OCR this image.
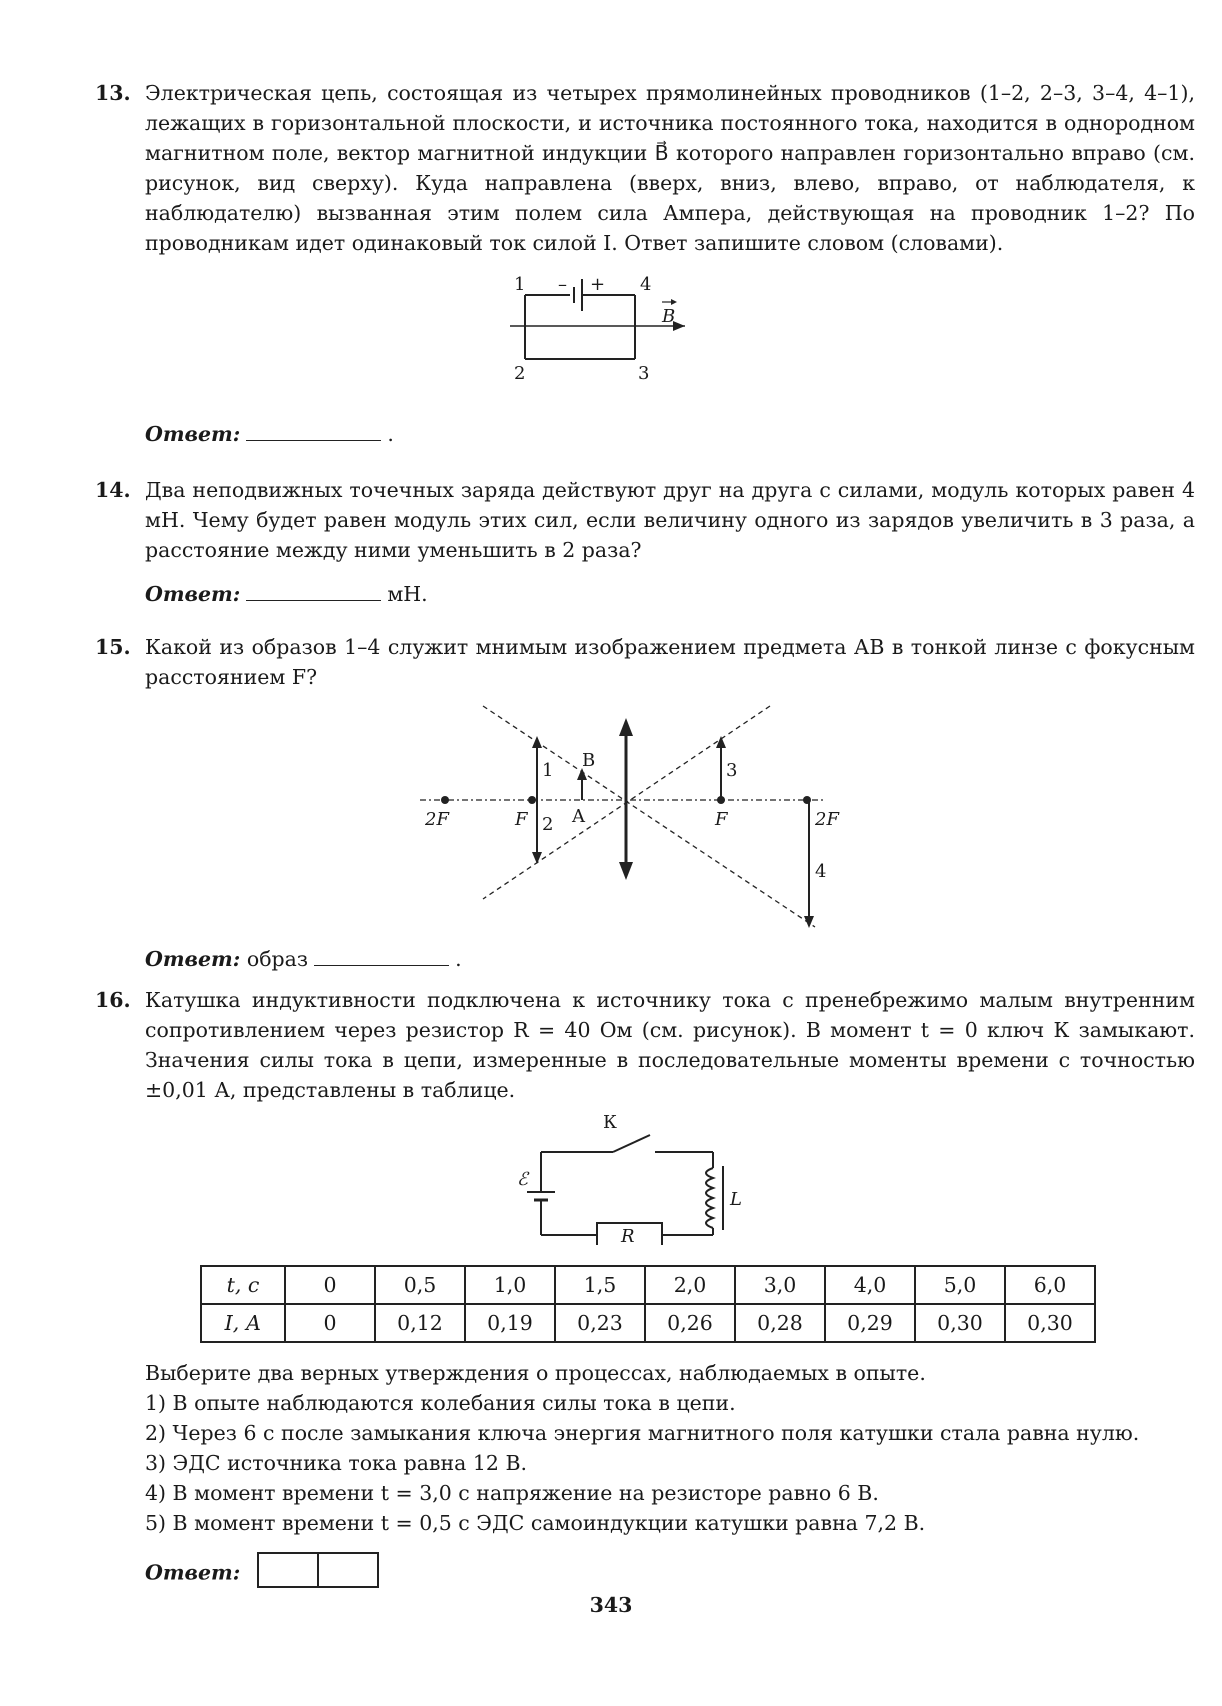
13. Электрическая цепь, состоящая из четырех прямолинейных проводников (1–2, 2–3, 3–4, 4–1), лежащих в горизонтальной плоскости, и источника постоянного тока, находится в однородном магнитном поле, вектор магнитной индукции B⃗ которого направлен горизонтально вправо (см. рисунок, вид сверху). Куда направлена (вверх, вниз, влево, вправо, от наблюдателя, к наблюдателю) вызванная этим полем сила Ампера, действующая на проводник 1–2? По проводникам идет одинаковый ток силой I. Ответ запишите словом (словами).
1	4
2	3
– +
B
Ответ:	.
14. Два неподвижных точечных заряда действуют друг на друга с силами, модуль которых равен 4 мН. Чему будет равен модуль этих сил, если величину одного из зарядов увеличить в 3 раза, а расстояние между ними уменьшить в 2 раза?
Ответ:	мН.
15. Какой из образов 1–4 служит мнимым изображением предмета АВ в тонкой линзе с фокусным расстоянием F?
2F	F	F	2F
A
B
1
2
3
4
Ответ: образ	.
16. Катушка индуктивности подключена к источнику тока с пренебрежимо малым внутренним сопротивлением через резистор R = 40 Ом (см. рисунок). В момент t = 0 ключ К замыкают. Значения силы тока в цепи, измеренные в последовательные моменты времени с точностью ±0,01 А, представлены в таблице.
К
ℰ
L
R
t, с	0	0,5	1,0	1,5	2,0	3,0	4,0	5,0	6,0
I, А	0	0,12	0,19	0,23	0,26	0,28	0,29	0,30	0,30
Выберите два верных утверждения о процессах, наблюдаемых в опыте.
1) В опыте наблюдаются колебания силы тока в цепи.
2) Через 6 с после замыкания ключа энергия магнитного поля катушки стала равна нулю.
3) ЭДС источника тока равна 12 В.
4) В момент времени t = 3,0 с напряжение на резисторе равно 6 В.
5) В момент времени t = 0,5 с ЭДС самоиндукции катушки равна 7,2 В.
Ответ:
343
